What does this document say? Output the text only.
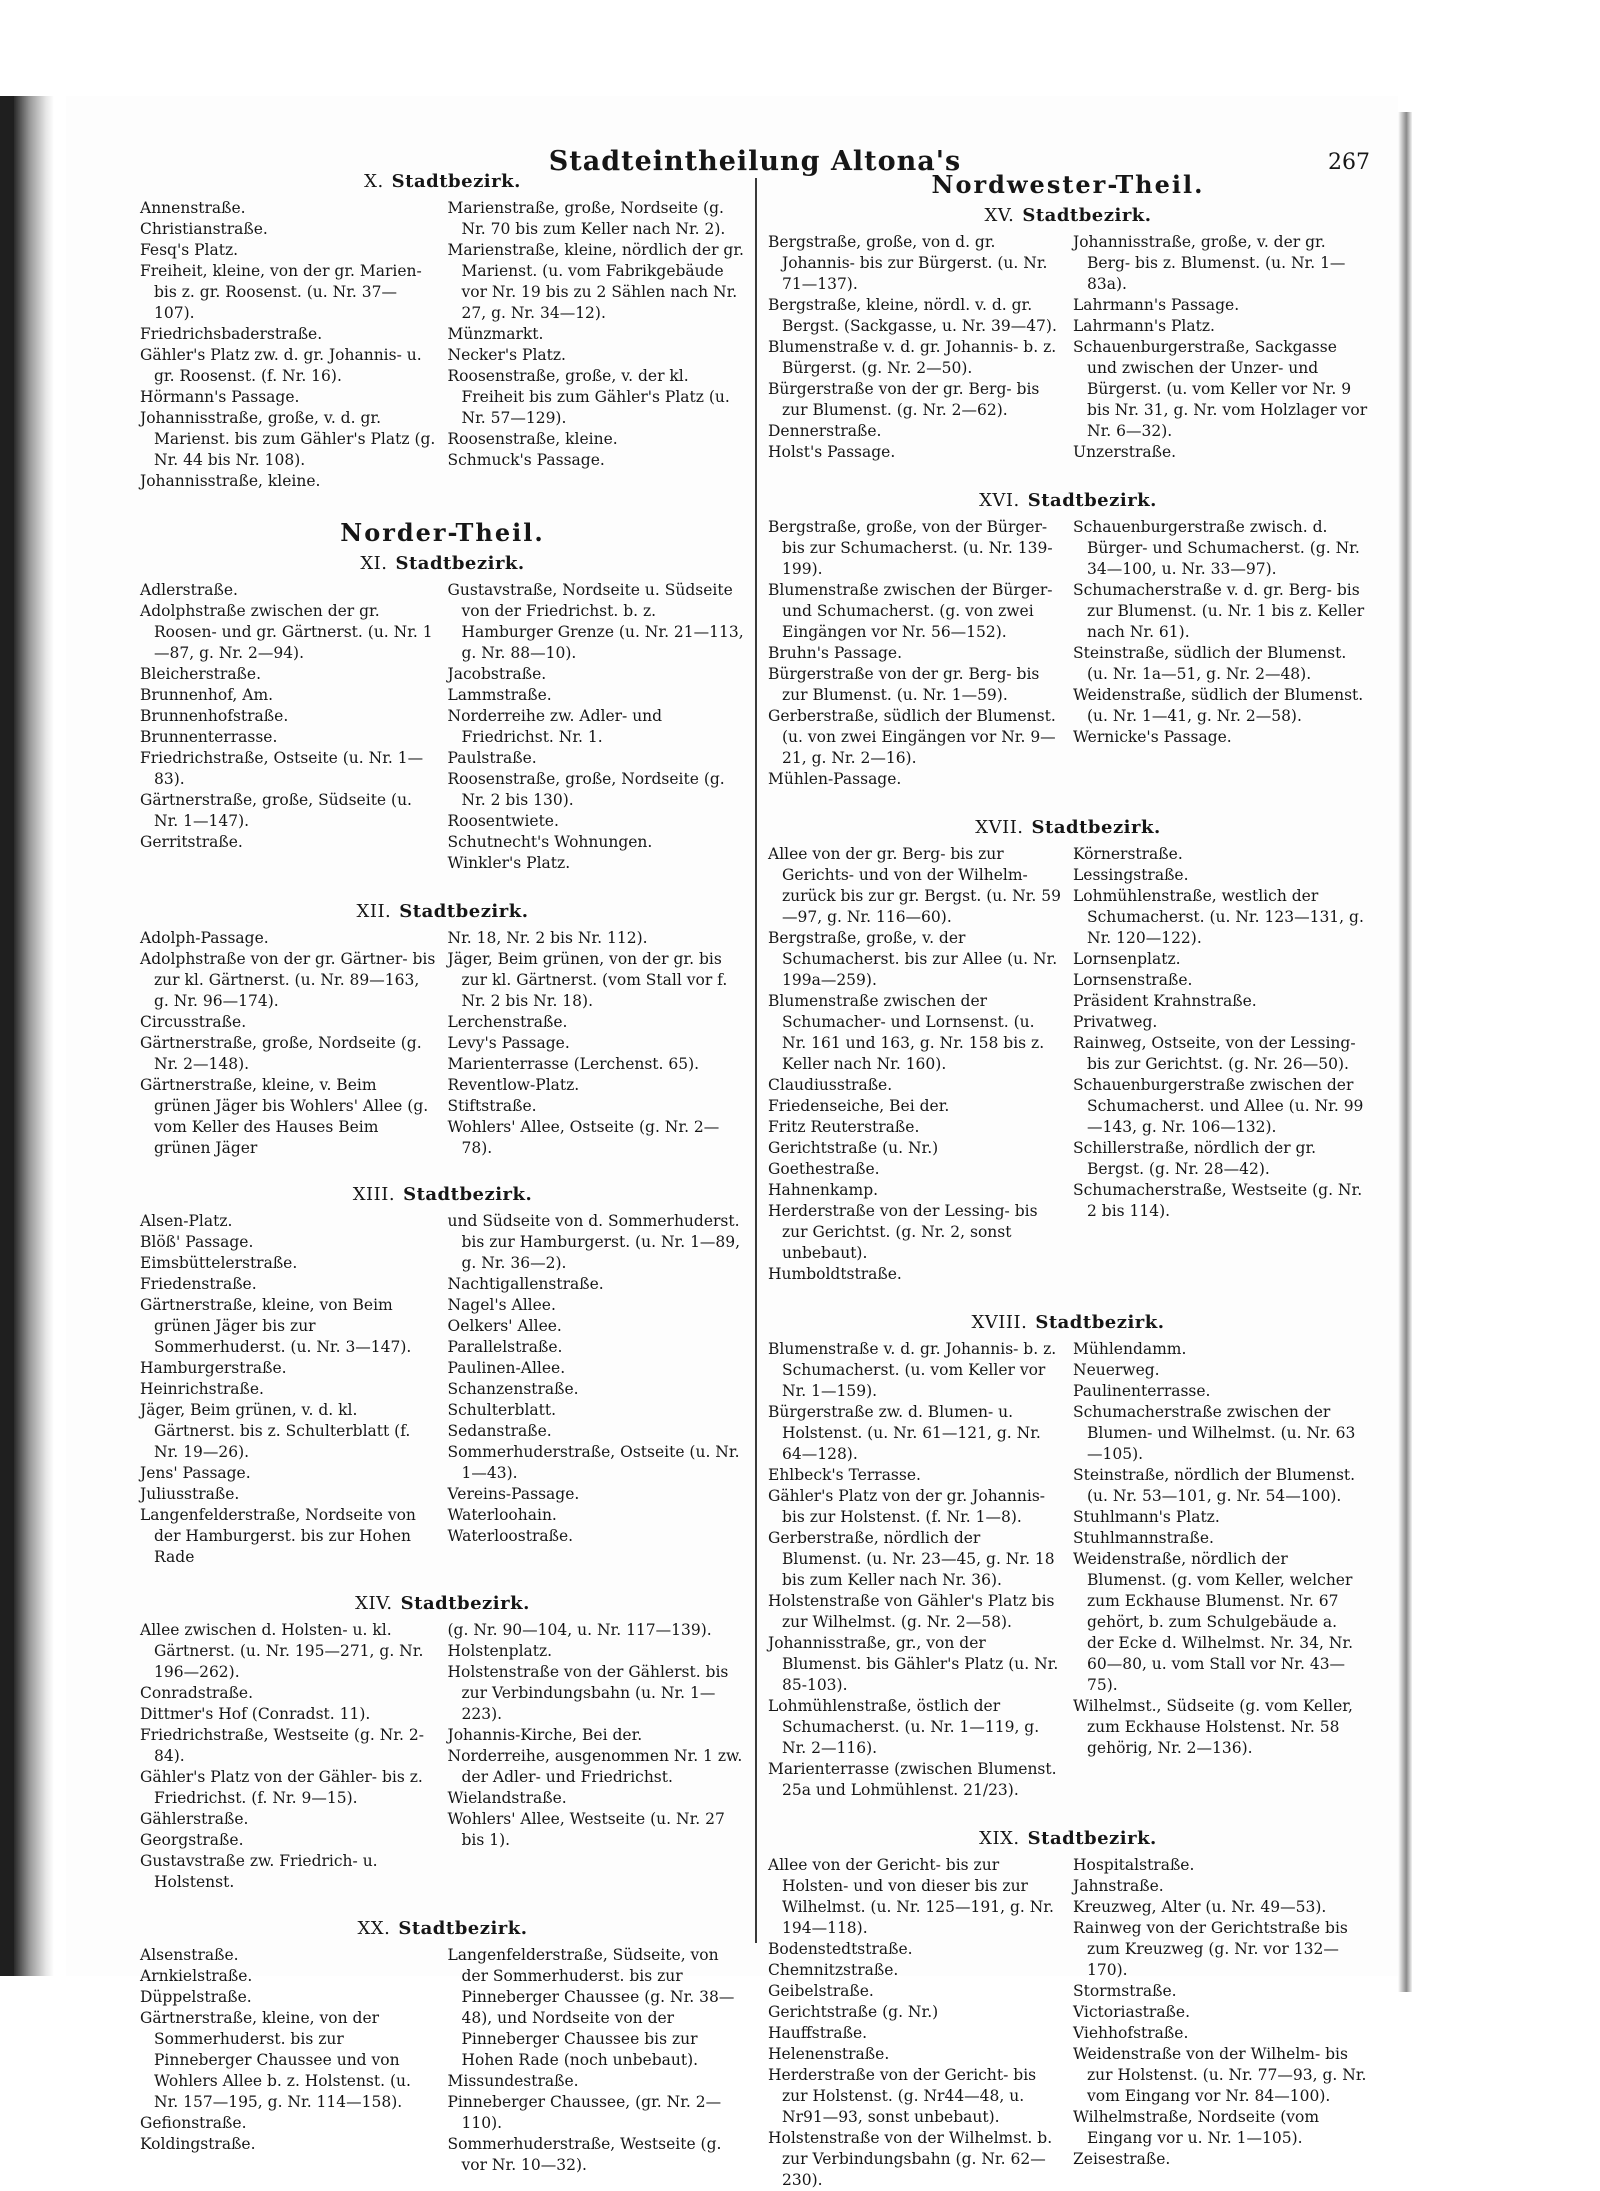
Stadteintheilung Altona's	267
X. Stadtbezirk.

Annenstraße.

Christianstraße.

Fesq's Platz.

Freiheit, kleine, von der gr. Marien- bis z. gr. Roosenst. (u. Nr. 37—107).

Friedrichsbaderstraße.

Gähler's Platz zw. d. gr. Johannis- u. gr. Roosenst. (f. Nr. 16).

Hörmann's Passage.

Johannisstraße, große, v. d. gr. Marienst. bis zum Gähler's Platz (g. Nr. 44 bis Nr. 108).

Johannisstraße, kleine.

Marienstraße, große, Nordseite (g. Nr. 70 bis zum Keller nach Nr. 2).

Marienstraße, kleine, nördlich der gr. Marienst. (u. vom Fabrikgebäude vor Nr. 19 bis zu 2 Sählen nach Nr. 27, g. Nr. 34—12).

Münzmarkt.

Necker's Platz.

Roosenstraße, große, v. der kl. Freiheit bis zum Gähler's Platz (u. Nr. 57—129).

Roosenstraße, kleine.

Schmuck's Passage.

Norder-Theil.
XI. Stadtbezirk.

Adlerstraße.

Adolphstraße zwischen der gr. Roosen- und gr. Gärtnerst. (u. Nr. 1—87, g. Nr. 2—94).

Bleicherstraße.

Brunnenhof, Am.

Brunnenhofstraße.

Brunnenterrasse.

Friedrichstraße, Ostseite (u. Nr. 1—83).

Gärtnerstraße, große, Südseite (u. Nr. 1—147).

Gerritstraße.

Gustavstraße, Nordseite u. Südseite von der Friedrichst. b. z. Hamburger Grenze (u. Nr. 21—113, g. Nr. 88—10).

Jacobstraße.

Lammstraße.

Norderreihe zw. Adler- und Friedrichst. Nr. 1.

Paulstraße.

Roosenstraße, große, Nordseite (g. Nr. 2 bis 130).

Roosentwiete.

Schutnecht's Wohnungen.

Winkler's Platz.

XII. Stadtbezirk.

Adolph-Passage.

Adolphstraße von der gr. Gärtner- bis zur kl. Gärtnerst. (u. Nr. 89—163, g. Nr. 96—174).

Circusstraße.

Gärtnerstraße, große, Nordseite (g. Nr. 2—148).

Gärtnerstraße, kleine, v. Beim grünen Jäger bis Wohlers' Allee (g. vom Keller des Hauses Beim grünen Jäger

Nr. 18, Nr. 2 bis Nr. 112).

Jäger, Beim grünen, von der gr. bis zur kl. Gärtnerst. (vom Stall vor f. Nr. 2 bis Nr. 18).

Lerchenstraße.

Levy's Passage.

Marienterrasse (Lerchenst. 65).

Reventlow-Platz.

Stiftstraße.

Wohlers' Allee, Ostseite (g. Nr. 2—78).

XIII. Stadtbezirk.

Alsen-Platz.

Blöß' Passage.

Eimsbüttelerstraße.

Friedenstraße.

Gärtnerstraße, kleine, von Beim grünen Jäger bis zur Sommerhuderst. (u. Nr. 3—147).

Hamburgerstraße.

Heinrichstraße.

Jäger, Beim grünen, v. d. kl. Gärtnerst. bis z. Schulterblatt (f. Nr. 19—26).

Jens' Passage.

Juliusstraße.

Langenfelderstraße, Nordseite von der Hamburgerst. bis zur Hohen Rade

und Südseite von d. Sommerhuderst. bis zur Hamburgerst. (u. Nr. 1—89, g. Nr. 36—2).

Nachtigallenstraße.

Nagel's Allee.

Oelkers' Allee.

Parallelstraße.

Paulinen-Allee.

Schanzenstraße.

Schulterblatt.

Sedanstraße.

Sommerhuderstraße, Ostseite (u. Nr. 1—43).

Vereins-Passage.

Waterloohain.

Waterloostraße.

XIV. Stadtbezirk.

Allee zwischen d. Holsten- u. kl. Gärtnerst. (u. Nr. 195—271, g. Nr. 196—262).

Conradstraße.

Dittmer's Hof (Conradst. 11).

Friedrichstraße, Westseite (g. Nr. 2-84).

Gähler's Platz von der Gähler- bis z. Friedrichst. (f. Nr. 9—15).

Gählerstraße.

Georgstraße.

Gustavstraße zw. Friedrich- u. Holstenst.

(g. Nr. 90—104, u. Nr. 117—139).

Holstenplatz.

Holstenstraße von der Gählerst. bis zur Verbindungsbahn (u. Nr. 1—223).

Johannis-Kirche, Bei der.

Norderreihe, ausgenommen Nr. 1 zw. der Adler- und Friedrichst.

Wielandstraße.

Wohlers' Allee, Westseite (u. Nr. 27 bis 1).

XX. Stadtbezirk.

Alsenstraße.

Arnkielstraße.

Düppelstraße.

Gärtnerstraße, kleine, von der Sommerhuderst. bis zur Pinneberger Chaussee und von Wohlers Allee b. z. Holstenst. (u. Nr. 157—195, g. Nr. 114—158).

Gefionstraße.

Koldingstraße.

Langenfelderstraße, Südseite, von der Sommerhuderst. bis zur Pinneberger Chaussee (g. Nr. 38—48), und Nordseite von der Pinneberger Chaussee bis zur Hohen Rade (noch unbebaut).

Missundestraße.

Pinneberger Chaussee, (gr. Nr. 2—110).

Sommerhuderstraße, Westseite (g. vor Nr. 10—32).

Nordwester-Theil.
XV. Stadtbezirk.

Bergstraße, große, von d. gr. Johannis- bis zur Bürgerst. (u. Nr. 71—137).

Bergstraße, kleine, nördl. v. d. gr. Bergst. (Sackgasse, u. Nr. 39—47).

Blumenstraße v. d. gr. Johannis- b. z. Bürgerst. (g. Nr. 2—50).

Bürgerstraße von der gr. Berg- bis zur Blumenst. (g. Nr. 2—62).

Dennerstraße.

Holst's Passage.

Johannisstraße, große, v. der gr. Berg- bis z. Blumenst. (u. Nr. 1—83a).

Lahrmann's Passage.

Lahrmann's Platz.

Schauenburgerstraße, Sackgasse und zwischen der Unzer- und Bürgerst. (u. vom Keller vor Nr. 9 bis Nr. 31, g. Nr. vom Holzlager vor Nr. 6—32).

Unzerstraße.

XVI. Stadtbezirk.

Bergstraße, große, von der Bürger- bis zur Schumacherst. (u. Nr. 139-199).

Blumenstraße zwischen der Bürger- und Schumacherst. (g. von zwei Eingängen vor Nr. 56—152).

Bruhn's Passage.

Bürgerstraße von der gr. Berg- bis zur Blumenst. (u. Nr. 1—59).

Gerberstraße, südlich der Blumenst. (u. von zwei Eingängen vor Nr. 9—21, g. Nr. 2—16).

Mühlen-Passage.

Schauenburgerstraße zwisch. d. Bürger- und Schumacherst. (g. Nr. 34—100, u. Nr. 33—97).

Schumacherstraße v. d. gr. Berg- bis zur Blumenst. (u. Nr. 1 bis z. Keller nach Nr. 61).

Steinstraße, südlich der Blumenst. (u. Nr. 1a—51, g. Nr. 2—48).

Weidenstraße, südlich der Blumenst. (u. Nr. 1—41, g. Nr. 2—58).

Wernicke's Passage.

XVII. Stadtbezirk.

Allee von der gr. Berg- bis zur Gerichts- und von der Wilhelm- zurück bis zur gr. Bergst. (u. Nr. 59—97, g. Nr. 116—60).

Bergstraße, große, v. der Schumacherst. bis zur Allee (u. Nr. 199a—259).

Blumenstraße zwischen der Schumacher- und Lornsenst. (u. Nr. 161 und 163, g. Nr. 158 bis z. Keller nach Nr. 160).

Claudiusstraße.

Friedenseiche, Bei der.

Fritz Reuterstraße.

Gerichtstraße (u. Nr.)

Goethestraße.

Hahnenkamp.

Herderstraße von der Lessing- bis zur Gerichtst. (g. Nr. 2, sonst unbebaut).

Humboldtstraße.

Körnerstraße.

Lessingstraße.

Lohmühlenstraße, westlich der Schumacherst. (u. Nr. 123—131, g. Nr. 120—122).

Lornsenplatz.

Lornsenstraße.

Präsident Krahnstraße.

Privatweg.

Rainweg, Ostseite, von der Lessing- bis zur Gerichtst. (g. Nr. 26—50).

Schauenburgerstraße zwischen der Schumacherst. und Allee (u. Nr. 99—143, g. Nr. 106—132).

Schillerstraße, nördlich der gr. Bergst. (g. Nr. 28—42).

Schumacherstraße, Westseite (g. Nr. 2 bis 114).

XVIII. Stadtbezirk.

Blumenstraße v. d. gr. Johannis- b. z. Schumacherst. (u. vom Keller vor Nr. 1—159).

Bürgerstraße zw. d. Blumen- u. Holstenst. (u. Nr. 61—121, g. Nr. 64—128).

Ehlbeck's Terrasse.

Gähler's Platz von der gr. Johannis- bis zur Holstenst. (f. Nr. 1—8).

Gerberstraße, nördlich der Blumenst. (u. Nr. 23—45, g. Nr. 18 bis zum Keller nach Nr. 36).

Holstenstraße von Gähler's Platz bis zur Wilhelmst. (g. Nr. 2—58).

Johannisstraße, gr., von der Blumenst. bis Gähler's Platz (u. Nr. 85-103).

Lohmühlenstraße, östlich der Schumacherst. (u. Nr. 1—119, g. Nr. 2—116).

Marienterrasse (zwischen Blumenst. 25a und Lohmühlenst. 21/23).

Mühlendamm.

Neuerweg.

Paulinenterrasse.

Schumacherstraße zwischen der Blumen- und Wilhelmst. (u. Nr. 63—105).

Steinstraße, nördlich der Blumenst. (u. Nr. 53—101, g. Nr. 54—100).

Stuhlmann's Platz.

Stuhlmannstraße.

Weidenstraße, nördlich der Blumenst. (g. vom Keller, welcher zum Eckhause Blumenst. Nr. 67 gehört, b. zum Schulgebäude a. der Ecke d. Wilhelmst. Nr. 34, Nr. 60—80, u. vom Stall vor Nr. 43—75).

Wilhelmst., Südseite (g. vom Keller, zum Eckhause Holstenst. Nr. 58 gehörig, Nr. 2—136).

XIX. Stadtbezirk.

Allee von der Gericht- bis zur Holsten- und von dieser bis zur Wilhelmst. (u. Nr. 125—191, g. Nr. 194—118).

Bodenstedtstraße.

Chemnitzstraße.

Geibelstraße.

Gerichtstraße (g. Nr.)

Hauffstraße.

Helenenstraße.

Herderstraße von der Gericht- bis zur Holstenst. (g. Nr44—48, u. Nr91—93, sonst unbebaut).

Holstenstraße von der Wilhelmst. b. zur Verbindungsbahn (g. Nr. 62—230).

Hospitalstraße.

Jahnstraße.

Kreuzweg, Alter (u. Nr. 49—53).

Rainweg von der Gerichtstraße bis zum Kreuzweg (g. Nr. vor 132—170).

Stormstraße.

Victoriastraße.

Viehhofstraße.

Weidenstraße von der Wilhelm- bis zur Holstenst. (u. Nr. 77—93, g. Nr. vom Eingang vor Nr. 84—100).

Wilhelmstraße, Nordseite (vom Eingang vor u. Nr. 1—105).

Zeisestraße.
